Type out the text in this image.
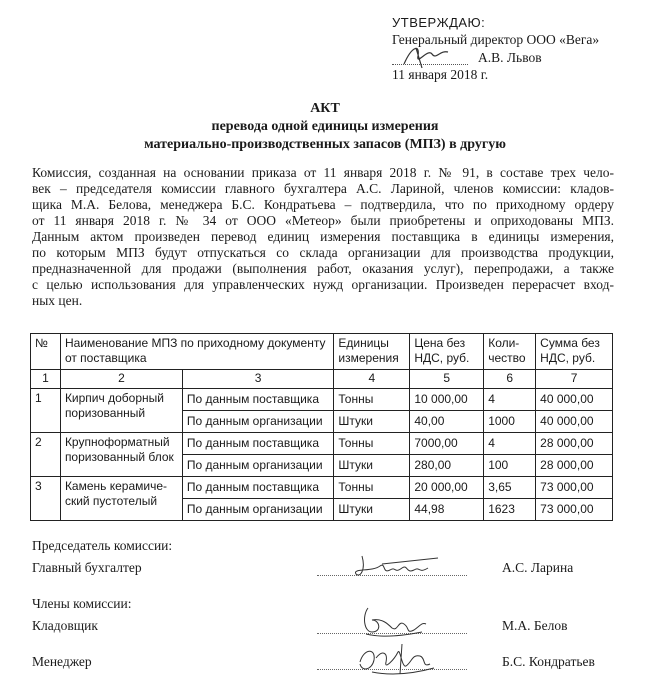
УТВЕРЖДАЮ:
Генеральный директор ООО «Вега»
А.В. Львов
11 января 2018 г.
АКТ
перевода одной единицы измерения
материально-производственных запасов (МПЗ) в другую
Комиссия, созданная на основании приказа от 11 января 2018 г. № 91, в составе трех чело-
век – председателя комиссии главного бухгалтера А.С. Лариной, членов комиссии: кладов-
щика М.А. Белова, менеджера Б.С. Кондратьева – подтвердила, что по приходному ордеру
от 11 января 2018 г. № 34 от ООО «Метеор» были приобретены и оприходованы МПЗ.
Данным актом произведен перевод единиц измерения поставщика в единицы измерения,
по которым МПЗ будут отпускаться со склада организации для производства продукции,
предназначенной для продажи (выполнения работ, оказания услуг), перепродажи, а также
с целью использования для управленческих нужд организации. Произведен перерасчет вход-
ных цен.
№	Наименование МПЗ по приходному документу от поставщика		Единицы измерения	Цена без НДС, руб.	Коли-чество	Сумма без НДС, руб.
1	2	3	4	5	6	7
1	Кирпич доборный поризованный	По данным поставщика	Тонны	10 000,00	4	40 000,00
		По данным организации	Штуки	40,00	1000	40 000,00
2	Крупноформатный поризованный блок	По данным поставщика	Тонны	7000,00	4	28 000,00
		По данным организации	Штуки	280,00	100	28 000,00
3	Камень керамиче-ский пустотелый	По данным поставщика	Тонны	20 000,00	3,65	73 000,00
		По данным организации	Штуки	44,98	1623	73 000,00
Председатель комиссии:
Главный бухгалтер	А.С. Ларина
Члены комиссии:
Кладовщик	М.А. Белов
Менеджер	Б.С. Кондратьев
